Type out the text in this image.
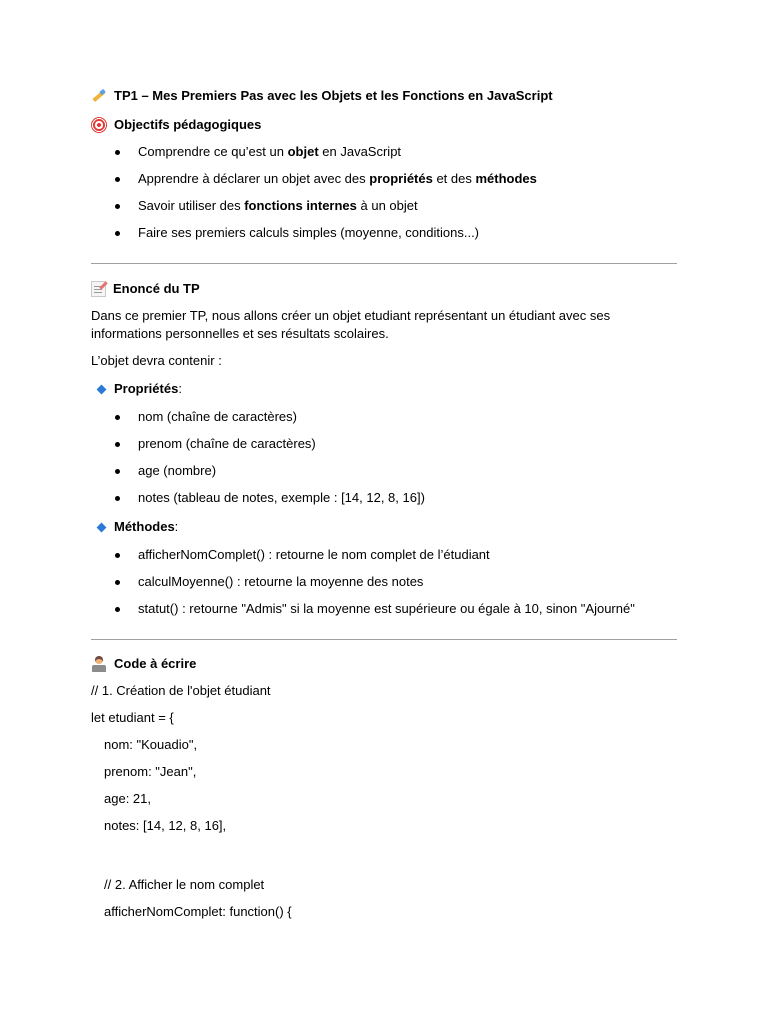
TP1 – Mes Premiers Pas avec les Objets et les Fonctions en JavaScript
Objectifs pédagogiques
Comprendre ce qu’est un objet en JavaScript
Apprendre à déclarer un objet avec des propriétés et des méthodes
Savoir utiliser des fonctions internes à un objet
Faire ses premiers calculs simples (moyenne, conditions...)
Enoncé du TP

Dans ce premier TP, nous allons créer un objet etudiant représentant un étudiant avec ses
informations personnelles et ses résultats scolaires.

L’objet devra contenir :

Propriétés :
nom (chaîne de caractères)
prenom (chaîne de caractères)
age (nombre)
notes (tableau de notes, exemple : [14, 12, 8, 16])
Méthodes :
afficherNomComplet() : retourne le nom complet de l’étudiant
calculMoyenne() : retourne la moyenne des notes
statut() : retourne "Admis" si la moyenne est supérieure ou égale à 10, sinon "Ajourné"
Code à écrire
// 1. Création de l'objet étudiant
let etudiant = {
nom: "Kouadio",
prenom: "Jean",
age: 21,
notes: [14, 12, 8, 16],
// 2. Afficher le nom complet
afficherNomComplet: function() {
